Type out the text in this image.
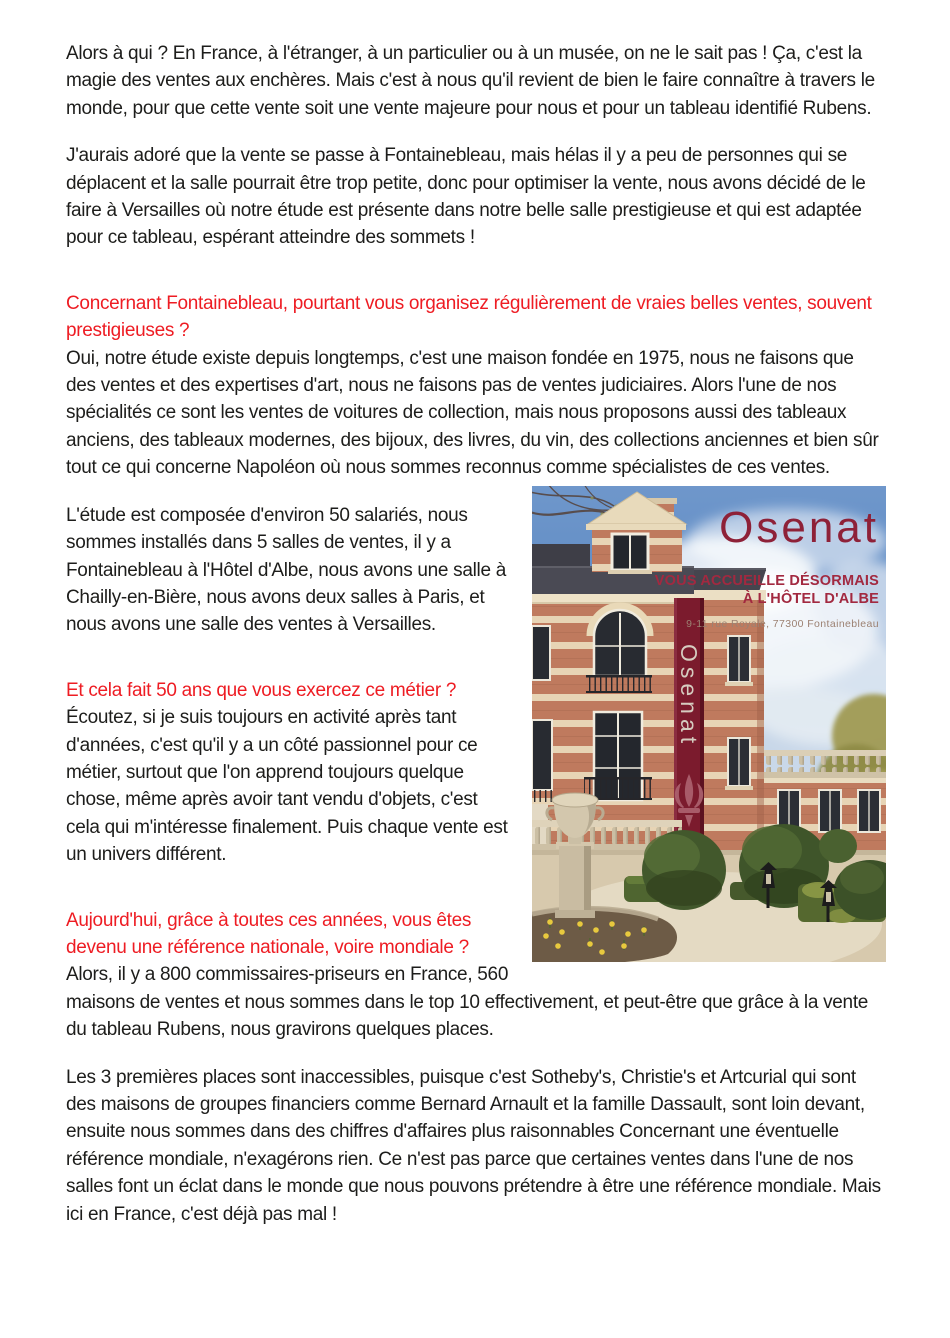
Alors à qui ? En France, à l'étranger, à un particulier ou à un musée, on ne le sait pas ! Ça, c'est la magie des ventes aux enchères. Mais c'est à nous qu'il revient de bien le faire connaître à travers le monde, pour que cette vente soit une vente majeure pour nous et pour un tableau identifié Rubens.

J'aurais adoré que la vente se passe à Fontainebleau, mais hélas il y a peu de personnes qui se déplacent et la salle pourrait être trop petite, donc pour optimiser la vente, nous avons décidé de le faire à Versailles où notre étude est présente dans notre belle salle prestigieuse et qui est adaptée pour ce tableau, espérant atteindre des sommets !

Concernant Fontainebleau, pourtant vous organisez régulièrement de vraies belles ventes, souvent prestigieuses ?

Oui, notre étude existe depuis longtemps, c'est une maison fondée en 1975, nous ne faisons que des ventes et des expertises d'art, nous ne faisons pas de ventes judiciaires. Alors l'une de nos spécialités ce sont les ventes de voitures de collection, mais nous proposons aussi des tableaux anciens, des tableaux modernes, des bijoux, des livres, du vin, des collections anciennes et bien sûr tout ce qui concerne Napoléon où nous sommes reconnus comme spécialistes de ces ventes.

Osenat
VOUS ACCUEILLE DÉSORMAIS
À L'HÔTEL D'ALBE
9-11 rue Royale, 77300 Fontainebleau
Osenat
L'étude est composée d'environ 50 salariés, nous sommes installés dans 5 salles de ventes, il y a Fontainebleau à l'Hôtel d'Albe, nous avons une salle à Chailly-en-Bière, nous avons deux salles à Paris, et nous avons une salle des ventes à Versailles.

Et cela fait 50 ans que vous exercez ce métier ?

Écoutez, si je suis toujours en activité après tant d'années, c'est qu'il y a un côté passionnel pour ce métier, surtout que l'on apprend toujours quelque chose, même après avoir tant vendu d'objets, c'est cela qui m'intéresse finalement. Puis chaque vente est un univers différent.

Aujourd'hui, grâce à toutes ces années, vous êtes devenu une référence nationale, voire mondiale ?

Alors, il y a 800 commissaires-priseurs en France, 560 maisons de ventes et nous sommes dans le top 10 effectivement, et peut-être que grâce à la vente du tableau Rubens, nous gravirons quelques places.

Les 3 premières places sont inaccessibles, puisque c'est Sotheby's, Christie's et Artcurial qui sont des maisons de groupes financiers comme Bernard Arnault et la famille Dassault, sont loin devant, ensuite nous sommes dans des chiffres d'affaires plus raisonnables Concernant une éventuelle référence mondiale, n'exagérons rien. Ce n'est pas parce que certaines ventes dans l'une de nos salles font un éclat dans le monde que nous pouvons prétendre à être une référence mondiale. Mais ici en France, c'est déjà pas mal !
